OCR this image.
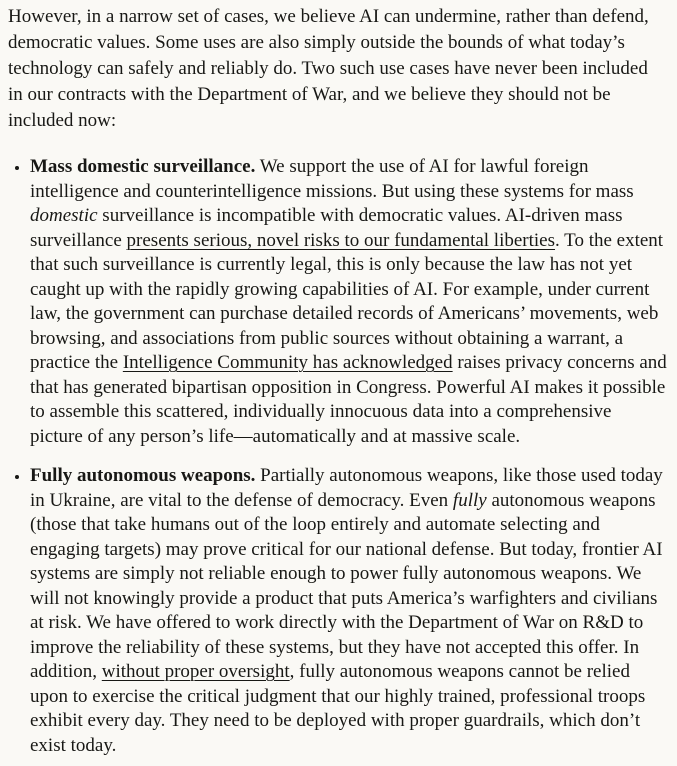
However, in a narrow set of cases, we believe AI can undermine, rather than defend, democratic values. Some uses are also simply outside the bounds of what today’s technology can safely and reliably do. Two such use cases have never been included in our contracts with the Department of War, and we believe they should not be included now:

• Mass domestic surveillance. We support the use of AI for lawful foreign intelligence and counterintelligence missions. But using these systems for mass domestic surveillance is incompatible with democratic values. AI-driven mass surveillance presents serious, novel risks to our fundamental liberties. To the extent that such surveillance is currently legal, this is only because the law has not yet caught up with the rapidly growing capabilities of AI. For example, under current law, the government can purchase detailed records of Americans’ movements, web browsing, and associations from public sources without obtaining a warrant, a practice the Intelligence Community has acknowledged raises privacy concerns and that has generated bipartisan opposition in Congress. Powerful AI makes it possible to assemble this scattered, individually innocuous data into a comprehensive picture of any person’s life—automatically and at massive scale.
• Fully autonomous weapons. Partially autonomous weapons, like those used today in Ukraine, are vital to the defense of democracy. Even fully autonomous weapons (those that take humans out of the loop entirely and automate selecting and engaging targets) may prove critical for our national defense. But today, frontier AI systems are simply not reliable enough to power fully autonomous weapons. We will not knowingly provide a product that puts America’s warfighters and civilians at risk. We have offered to work directly with the Department of War on R&D to improve the reliability of these systems, but they have not accepted this offer. In addition, without proper oversight, fully autonomous weapons cannot be relied upon to exercise the critical judgment that our highly trained, professional troops exhibit every day. They need to be deployed with proper guardrails, which don’t exist today.
